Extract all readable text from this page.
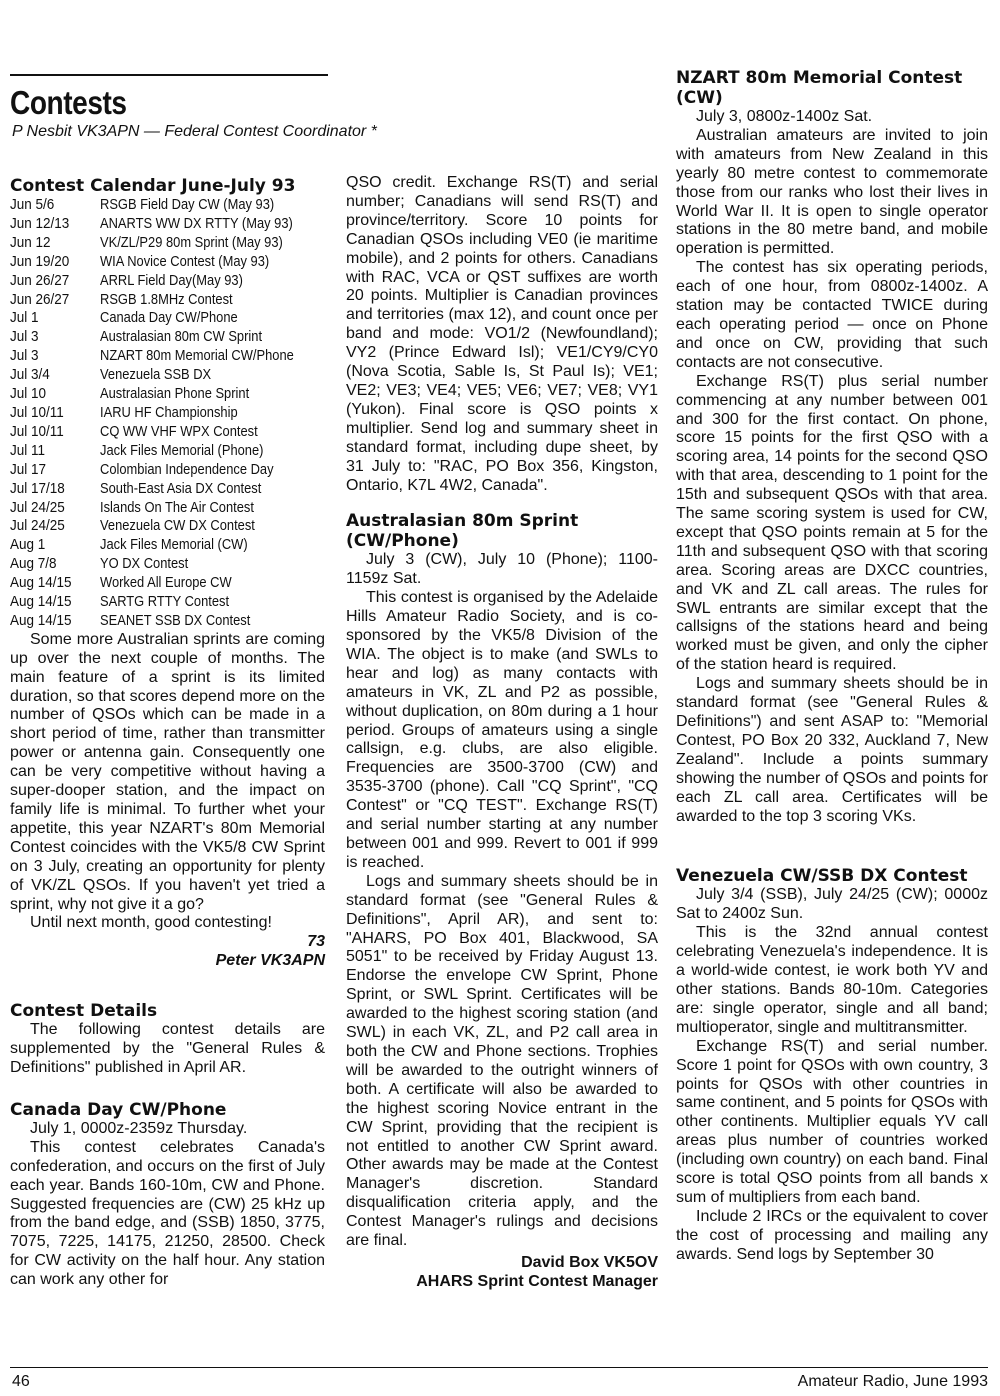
Contests

P Nesbit VK3APN — Federal Contest Coordinator *

Contest Calendar June-July 93
Jun 5/6	RSGB Field Day CW (May 93)
Jun 12/13	ANARTS WW DX RTTY (May 93)
Jun 12	VK/ZL/P29 80m Sprint (May 93)
Jun 19/20	WIA Novice Contest (May 93)
Jun 26/27	ARRL Field Day(May 93)
Jun 26/27	RSGB 1.8MHz Contest
Jul 1	Canada Day CW/Phone
Jul 3	Australasian 80m CW Sprint
Jul 3	NZART 80m Memorial CW/Phone
Jul 3/4	Venezuela SSB DX
Jul 10	Australasian Phone Sprint
Jul 10/11	IARU HF Championship
Jul 10/11	CQ WW VHF WPX Contest
Jul 11	Jack Files Memorial (Phone)
Jul 17	Colombian Independence Day
Jul 17/18	South-East Asia DX Contest
Jul 24/25	Islands On The Air Contest
Jul 24/25	Venezuela CW DX Contest
Aug 1	Jack Files Memorial (CW)
Aug 7/8	YO DX Contest
Aug 14/15	Worked All Europe CW
Aug 14/15	SARTG RTTY Contest
Aug 14/15	SEANET SSB DX Contest

Some more Australian sprints are coming up over the next couple of months. The main feature of a sprint is its limited duration, so that scores depend more on the number of QSOs which can be made in a short period of time, rather than transmitter power or antenna gain. Consequently one can be very competitive without having a super-dooper station, and the impact on family life is minimal. To further whet your appetite, this year NZART's 80m Memorial Contest coincides with the VK5/8 CW Sprint on 3 July, creating an opportunity for plenty of VK/ZL QSOs. If you haven't yet tried a sprint, why not give it a go?

Until next month, good contesting!

73

Peter VK3APN

Contest Details

The following contest details are supplemented by the "General Rules & Definitions" published in April AR.

Canada Day CW/Phone

July 1, 0000z-2359z Thursday.

This contest celebrates Canada's confederation, and occurs on the first of July each year. Bands 160-10m, CW and Phone. Suggested frequencies are (CW) 25 kHz up from the band edge, and (SSB) 1850, 3775, 7075, 7225, 14175, 21250, 28500. Check for CW activity on the half hour. Any station can work any other for

QSO credit. Exchange RS(T) and serial number; Canadians will send RS(T) and province/territory. Score 10 points for Canadian QSOs including VE0 (ie maritime mobile), and 2 points for others. Canadians with RAC, VCA or QST suffixes are worth 20 points. Multiplier is Canadian provinces and territories (max 12), and count once per band and mode: VO1/2 (Newfoundland); VY2 (Prince Edward Isl); VE1/CY9/CY0 (Nova Scotia, Sable Is, St Paul Is); VE1; VE2; VE3; VE4; VE5; VE6; VE7; VE8; VY1 (Yukon). Final score is QSO points x multiplier. Send log and summary sheet in standard format, including dupe sheet, by 31 July to: "RAC, PO Box 356, Kingston, Ontario, K7L 4W2, Canada".

Australasian 80m Sprint (CW/Phone)

July 3 (CW), July 10 (Phone); 1100-1159z Sat.

This contest is organised by the Adelaide Hills Amateur Radio Society, and is co-sponsored by the VK5/8 Division of the WIA. The object is to make (and SWLs to hear and log) as many contacts with amateurs in VK, ZL and P2 as possible, without duplication, on 80m during a 1 hour period. Groups of amateurs using a single callsign, e.g. clubs, are also eligible. Frequencies are 3500-3700 (CW) and 3535-3700 (phone). Call "CQ Sprint", "CQ Contest" or "CQ TEST". Exchange RS(T) and serial number starting at any number between 001 and 999. Revert to 001 if 999 is reached.

Logs and summary sheets should be in standard format (see "General Rules & Definitions", April AR), and sent to: "AHARS, PO Box 401, Blackwood, SA 5051" to be received by Friday August 13. Endorse the envelope CW Sprint, Phone Sprint, or SWL Sprint. Certificates will be awarded to the highest scoring station (and SWL) in each VK, ZL, and P2 call area in both the CW and Phone sections. Trophies will be awarded to the outright winners of both. A certificate will also be awarded to the highest scoring Novice entrant in the CW Sprint, providing that the recipient is not entitled to another CW Sprint award. Other awards may be made at the Contest Manager's discretion. Standard disqualification criteria apply, and the Contest Manager's rulings and decisions are final.

David Box VK5OV

AHARS Sprint Contest Manager

NZART 80m Memorial Contest (CW)

July 3, 0800z-1400z Sat.

Australian amateurs are invited to join with amateurs from New Zealand in this yearly 80 metre contest to commemorate those from our ranks who lost their lives in World War II. It is open to single operator stations in the 80 metre band, and mobile operation is permitted.

The contest has six operating periods, each of one hour, from 0800z-1400z. A station may be contacted TWICE during each operating period — once on Phone and once on CW, providing that such contacts are not consecutive.

Exchange RS(T) plus serial number commencing at any number between 001 and 300 for the first contact. On phone, score 15 points for the first QSO with a scoring area, 14 points for the second QSO with that area, descending to 1 point for the 15th and subsequent QSOs with that area. The same scoring system is used for CW, except that QSO points remain at 5 for the 11th and subsequent QSO with that scoring area. Scoring areas are DXCC countries, and VK and ZL call areas. The rules for SWL entrants are similar except that the callsigns of the stations heard and being worked must be given, and only the cipher of the station heard is required.

Logs and summary sheets should be in standard format (see "General Rules & Definitions") and sent ASAP to: "Memorial Contest, PO Box 20 332, Auckland 7, New Zealand". Include a points summary showing the number of QSOs and points for each ZL call area. Certificates will be awarded to the top 3 scoring VKs.

Venezuela CW/SSB DX Contest

July 3/4 (SSB), July 24/25 (CW); 0000z Sat to 2400z Sun.

This is the 32nd annual contest celebrating Venezuela's independence. It is a world-wide contest, ie work both YV and other stations. Bands 80-10m. Categories are: single operator, single and all band; multioperator, single and multitransmitter.

Exchange RS(T) and serial number. Score 1 point for QSOs with own country, 3 points for QSOs with other countries in same continent, and 5 points for QSOs with other continents. Multiplier equals YV call areas plus number of countries worked (including own country) on each band. Final score is total QSO points from all bands x sum of multipliers from each band.

Include 2 IRCs or the equivalent to cover the cost of processing and mailing any awards. Send logs by September 30

46	Amateur Radio, June 1993
